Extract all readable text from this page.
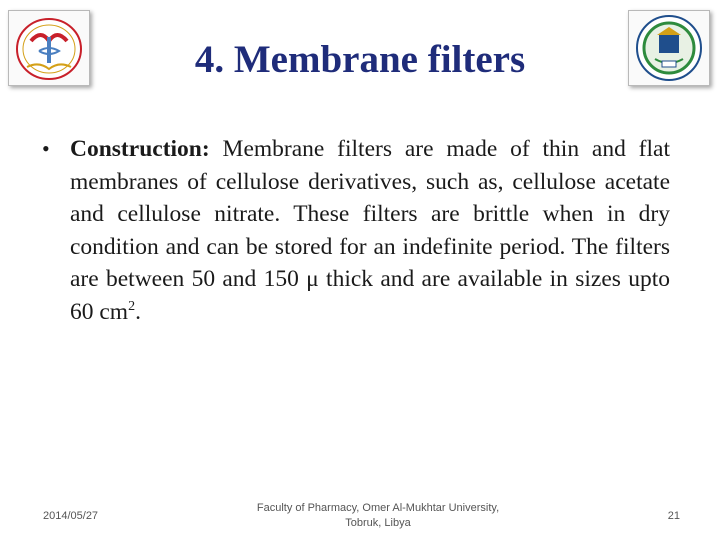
4. Membrane filters
• Construction: Membrane filters are made of thin and flat membranes of cellulose derivatives, such as, cellulose acetate and cellulose nitrate. These filters are brittle when in dry condition and can be stored for an indefinite period. The filters are between 50 and 150 μ thick and are available in sizes upto 60 $cm^2$.
2014/05/27
Faculty of Pharmacy, Omer Al-Mukhtar University,
Tobruk, Libya
21
